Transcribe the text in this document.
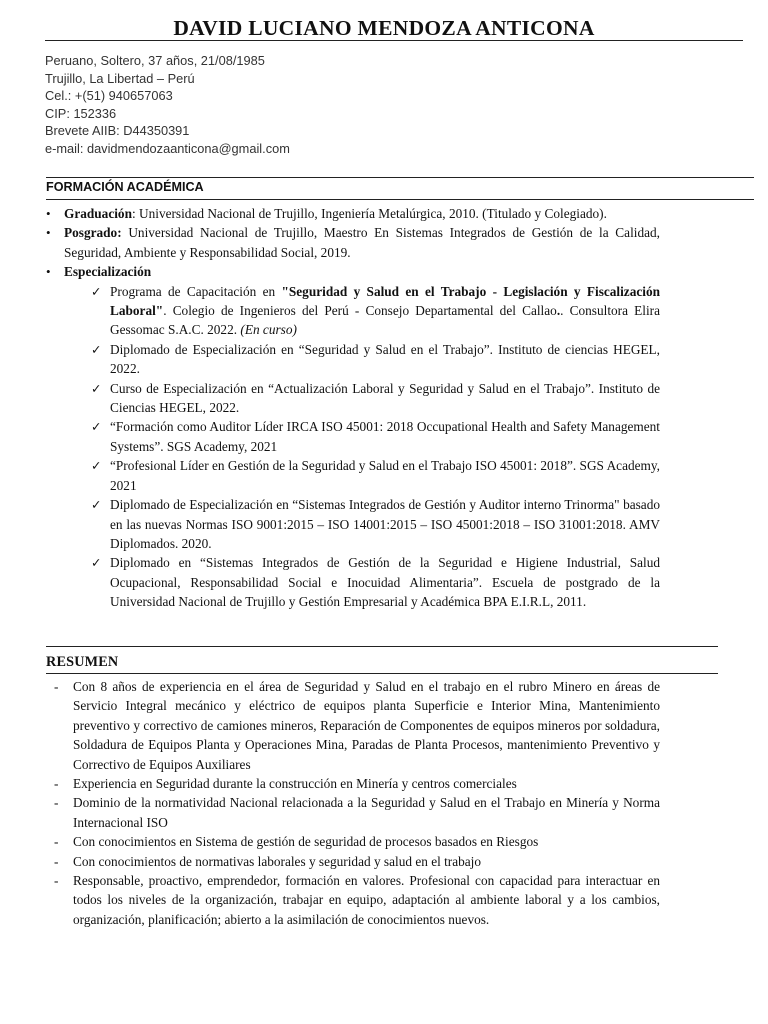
DAVID LUCIANO MENDOZA ANTICONA
Peruano, Soltero, 37 años, 21/08/1985
Trujillo, La Libertad – Perú
Cel.: +(51) 940657063
CIP: 152336
Brevete AIIB: D44350391
e-mail: davidmendozaanticona@gmail.com
FORMACIÓN ACADÉMICA
• Graduación: Universidad Nacional de Trujillo, Ingeniería Metalúrgica, 2010. (Titulado y Colegiado).
• Posgrado: Universidad Nacional de Trujillo, Maestro En Sistemas Integrados de Gestión de la Calidad, Seguridad, Ambiente y Responsabilidad Social, 2019.
• Especialización
✓ Programa de Capacitación en "Seguridad y Salud en el Trabajo - Legislación y Fiscalización Laboral". Colegio de Ingenieros del Perú - Consejo Departamental del Callao.. Consultora Elira Gessomac S.A.C. 2022. (En curso)
✓ Diplomado de Especialización en “Seguridad y Salud en el Trabajo”. Instituto de ciencias HEGEL, 2022.
✓ Curso de Especialización en “Actualización Laboral y Seguridad y Salud en el Trabajo”. Instituto de Ciencias HEGEL, 2022.
✓ “Formación como Auditor Líder IRCA ISO 45001: 2018 Occupational Health and Safety Management Systems”. SGS Academy, 2021
✓ “Profesional Líder en Gestión de la Seguridad y Salud en el Trabajo ISO 45001: 2018”. SGS Academy, 2021
✓ Diplomado de Especialización en “Sistemas Integrados de Gestión y Auditor interno Trinorma" basado en las nuevas Normas ISO 9001:2015 – ISO 14001:2015 – ISO 45001:2018 – ISO 31001:2018. AMV Diplomados. 2020.
✓ Diplomado en “Sistemas Integrados de Gestión de la Seguridad e Higiene Industrial, Salud Ocupacional, Responsabilidad Social e Inocuidad Alimentaria”. Escuela de postgrado de la Universidad Nacional de Trujillo y Gestión Empresarial y Académica BPA E.I.R.L, 2011.
RESUMEN
- Con 8 años de experiencia en el área de Seguridad y Salud en el trabajo en el rubro Minero en áreas de Servicio Integral mecánico y eléctrico de equipos planta Superficie e Interior Mina, Mantenimiento preventivo y correctivo de camiones mineros, Reparación de Componentes de equipos mineros por soldadura, Soldadura de Equipos Planta y Operaciones Mina, Paradas de Planta Procesos, mantenimiento Preventivo y Correctivo de Equipos Auxiliares
- Experiencia en Seguridad durante la construcción en Minería y centros comerciales
- Dominio de la normatividad Nacional relacionada a la Seguridad y Salud en el Trabajo en Minería y Norma Internacional ISO
- Con conocimientos en Sistema de gestión de seguridad de procesos basados en Riesgos
- Con conocimientos de normativas laborales y seguridad y salud en el trabajo
- Responsable, proactivo, emprendedor, formación en valores. Profesional con capacidad para interactuar en todos los niveles de la organización, trabajar en equipo, adaptación al ambiente laboral y a los cambios, organización, planificación; abierto a la asimilación de conocimientos nuevos.
